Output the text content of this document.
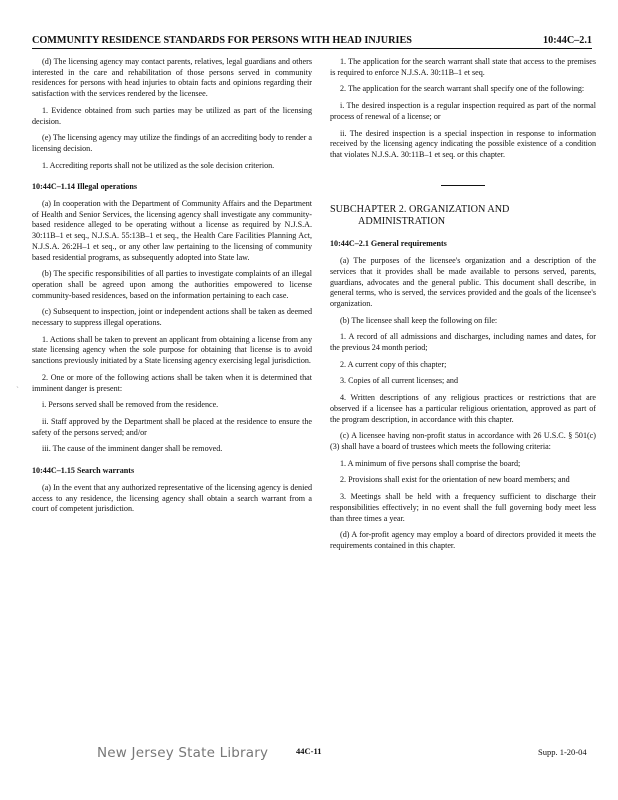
COMMUNITY RESIDENCE STANDARDS FOR PERSONS WITH HEAD INJURIES	10:44C–2.1

(d) The licensing agency may contact parents, relatives, legal guardians and others interested in the care and rehabilitation of those persons served in community residences for persons with head injuries to obtain facts and opinions regarding their satisfaction with the services rendered by the licensee.

1. Evidence obtained from such parties may be utilized as part of the licensing decision.

(e) The licensing agency may utilize the findings of an accrediting body to render a licensing decision.

1. Accrediting reports shall not be utilized as the sole decision criterion.

10:44C–1.14 Illegal operations

(a) In cooperation with the Department of Community Affairs and the Department of Health and Senior Services, the licensing agency shall investigate any community-based residence alleged to be operating without a license as required by N.J.S.A. 30:11B–1 et seq., N.J.S.A. 55:13B–1 et seq., the Health Care Facilities Planning Act, N.J.S.A. 26:2H–1 et seq., or any other law pertaining to the licensing of community based residential programs, as subsequently adopted into State law.

(b) The specific responsibilities of all parties to investigate complaints of an illegal operation shall be agreed upon among the authorities empowered to license community-based residences, based on the information pertaining to each case.

(c) Subsequent to inspection, joint or independent actions shall be taken as deemed necessary to suppress illegal operations.

1. Actions shall be taken to prevent an applicant from obtaining a license from any state licensing agency when the sole purpose for obtaining that license is to avoid sanctions previously initiated by a State licensing agency exercising legal jurisdiction.

2. One or more of the following actions shall be taken when it is determined that imminent danger is present:

i. Persons served shall be removed from the residence.

ii. Staff approved by the Department shall be placed at the residence to ensure the safety of the persons served; and/or

iii. The cause of the imminent danger shall be removed.

10:44C–1.15 Search warrants

(a) In the event that any authorized representative of the licensing agency is denied access to any residence, the licensing agency shall obtain a search warrant from a court of competent jurisdiction.

1. The application for the search warrant shall state that access to the premises is required to enforce N.J.S.A. 30:11B–1 et seq.

2. The application for the search warrant shall specify one of the following:

i. The desired inspection is a regular inspection required as part of the normal process of renewal of a license; or

ii. The desired inspection is a special inspection in response to information received by the licensing agency indicating the possible existence of a condition that violates N.J.S.A. 30:11B–1 et seq. or this chapter.

SUBCHAPTER 2. ORGANIZATION AND
ADMINISTRATION

10:44C–2.1 General requirements

(a) The purposes of the licensee's organization and a description of the services that it provides shall be made available to persons served, parents, guardians, advocates and the general public. This document shall describe, in general terms, who is served, the services provided and the goals of the licensee's organization.

(b) The licensee shall keep the following on file:

1. A record of all admissions and discharges, including names and dates, for the previous 24 month period;

2. A current copy of this chapter;

3. Copies of all current licenses; and

4. Written descriptions of any religious practices or restrictions that are observed if a licensee has a particular religious orientation, approved as part of the program description, in accordance with this chapter.

(c) A licensee having non-profit status in accordance with 26 U.S.C. § 501(c)(3) shall have a board of trustees which meets the following criteria:

1. A minimum of five persons shall comprise the board;

2. Provisions shall exist for the orientation of new board members; and

3. Meetings shall be held with a frequency sufficient to discharge their responsibilities effectively; in no event shall the full governing body meet less than three times a year.

(d) A for-profit agency may employ a board of directors provided it meets the requirements contained in this chapter.

ˎ
New Jersey State Library	44C-11	Supp. 1-20-04
